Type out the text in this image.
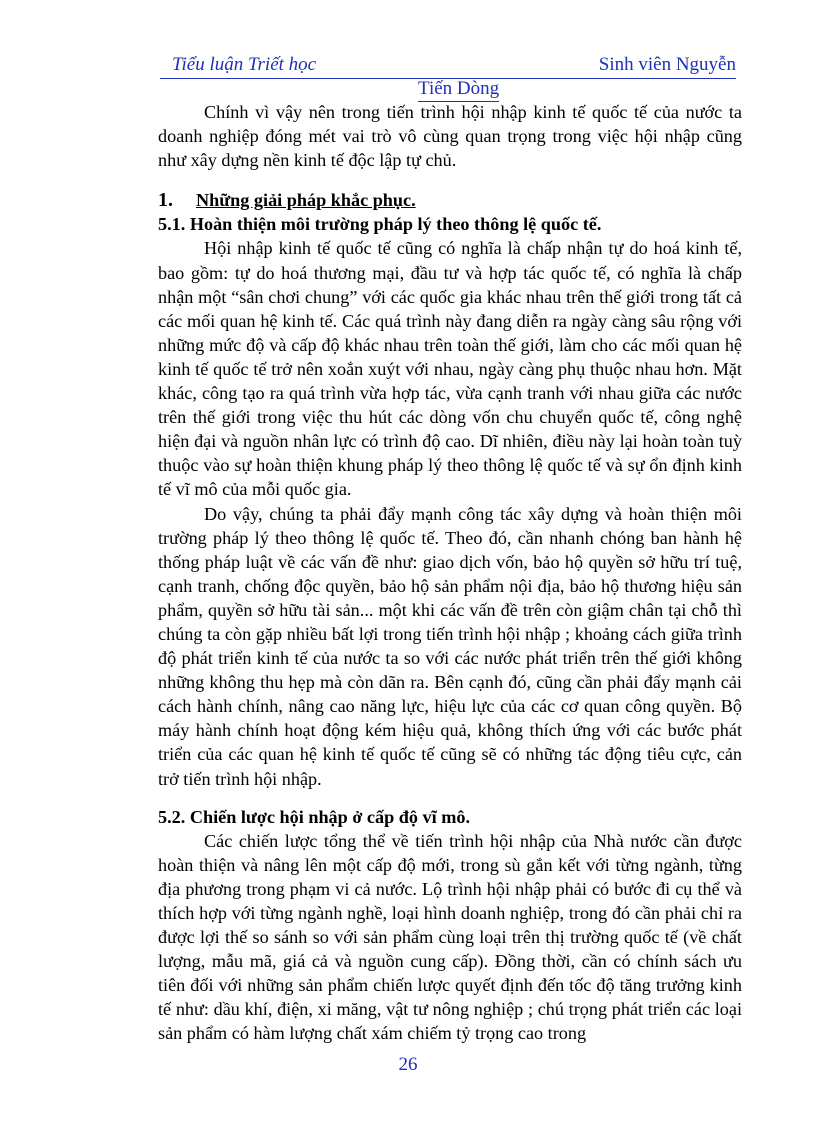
Tiểu luận Triết học	Sinh viên Nguyễn
Tiến Dòng

Chính vì vậy nên trong tiến trình hội nhập kinh tế quốc tế của nước ta doanh nghiệp đóng mét vai trò vô cùng quan trọng trong việc hội nhập cũng như xây dựng nền kinh tế độc lập tự chủ.

1.	Những giải pháp khắc phục.

5.1. Hoàn thiện môi trường pháp lý theo thông lệ quốc tế.

Hội nhập kinh tế quốc tế cũng có nghĩa là chấp nhận tự do hoá kinh tế, bao gồm: tự do hoá thương mại, đầu tư và hợp tác quốc tế, có nghĩa là chấp nhận một “sân chơi chung” với các quốc gia khác nhau trên thế giới trong tất cả các mối quan hệ kinh tế. Các quá trình này đang diễn ra ngày càng sâu rộng với những mức độ và cấp độ khác nhau trên toàn thế giới, làm cho các mối quan hệ kinh tế quốc tế trở nên xoắn xuýt với nhau, ngày càng phụ thuộc nhau hơn. Mặt khác, công tạo ra quá trình vừa hợp tác, vừa cạnh tranh với nhau giữa các nước trên thế giới trong việc thu hút các dòng vốn chu chuyển quốc tế, công nghệ hiện đại và nguồn nhân lực có trình độ cao. Dĩ nhiên, điều này lại hoàn toàn tuỳ thuộc vào sự hoàn thiện khung pháp lý theo thông lệ quốc tế và sự ổn định kinh tế vĩ mô của mỗi quốc gia.

Do vậy, chúng ta phải đẩy mạnh công tác xây dựng và hoàn thiện môi trường pháp lý theo thông lệ quốc tế. Theo đó, cần nhanh chóng ban hành hệ thống pháp luật về các vấn đề như: giao dịch vốn, bảo hộ quyền sở hữu trí tuệ, cạnh tranh, chống độc quyền, bảo hộ sản phẩm nội địa, bảo hộ thương hiệu sản phẩm, quyền sở hữu tài sản... một khi các vấn đề trên còn giậm chân tại chỗ thì chúng ta còn gặp nhiều bất lợi trong tiến trình hội nhập ; khoảng cách giữa trình độ phát triển kinh tế của nước ta so với các nước phát triển trên thế giới không những không thu hẹp mà còn dãn ra. Bên cạnh đó, cũng cần phải đẩy mạnh cải cách hành chính, nâng cao năng lực, hiệu lực của các cơ quan công quyền. Bộ máy hành chính hoạt động kém hiệu quả, không thích ứng với các bước phát triển của các quan hệ kinh tế quốc tế cũng sẽ có những tác động tiêu cực, cản trở tiến trình hội nhập.

5.2. Chiến lược hội nhập ở cấp độ vĩ mô.

Các chiến lược tổng thể về tiến trình hội nhập của Nhà nước cần được hoàn thiện và nâng lên một cấp độ mới, trong sù gắn kết với từng ngành, từng địa phương trong phạm vi cả nước. Lộ trình hội nhập phải có bước đi cụ thể và thích hợp với từng ngành nghề, loại hình doanh nghiệp, trong đó cần phải chỉ ra được lợi thế so sánh so với sản phẩm cùng loại trên thị trường quốc tế (về chất lượng, mẫu mã, giá cả và nguồn cung cấp). Đồng thời, cần có chính sách ưu tiên đối với những sản phẩm chiến lược quyết định đến tốc độ tăng trưởng kinh tế như: dầu khí, điện, xi măng, vật tư nông nghiệp ; chú trọng phát triển các loại sản phẩm có hàm lượng chất xám chiếm tỷ trọng cao trong

26
